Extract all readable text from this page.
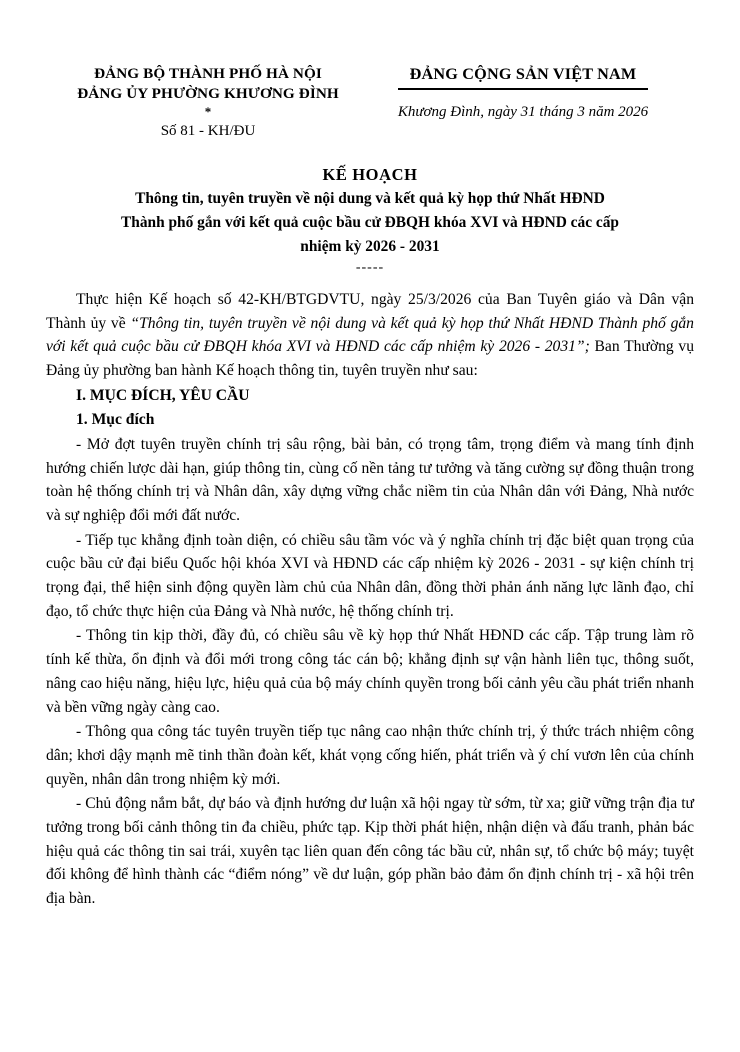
ĐẢNG BỘ THÀNH PHỐ HÀ NỘI
ĐẢNG ỦY PHƯỜNG KHƯƠNG ĐÌNH
*
Số 81 - KH/ĐU
ĐẢNG CỘNG SẢN VIỆT NAM
Khương Đình, ngày 31 tháng 3 năm 2026
KẾ HOẠCH
Thông tin, tuyên truyền về nội dung và kết quả kỳ họp thứ Nhất HĐND
Thành phố gắn với kết quả cuộc bầu cử ĐBQH khóa XVI và HĐND các cấp
nhiệm kỳ 2026 - 2031
-----

Thực hiện Kế hoạch số 42-KH/BTGDVTU, ngày 25/3/2026 của Ban Tuyên giáo và Dân vận Thành ủy về “Thông tin, tuyên truyền về nội dung và kết quả kỳ họp thứ Nhất HĐND Thành phố gắn với kết quả cuộc bầu cử ĐBQH khóa XVI và HĐND các cấp nhiệm kỳ 2026 - 2031”; Ban Thường vụ Đảng ủy phường ban hành Kế hoạch thông tin, tuyên truyền như sau:

I. MỤC ĐÍCH, YÊU CẦU

1. Mục đích

- Mở đợt tuyên truyền chính trị sâu rộng, bài bản, có trọng tâm, trọng điểm và mang tính định hướng chiến lược dài hạn, giúp thông tin, cùng cố nền tảng tư tưởng và tăng cường sự đồng thuận trong toàn hệ thống chính trị và Nhân dân, xây dựng vững chắc niềm tin của Nhân dân với Đảng, Nhà nước và sự nghiệp đổi mới đất nước.

- Tiếp tục khẳng định toàn diện, có chiều sâu tầm vóc và ý nghĩa chính trị đặc biệt quan trọng của cuộc bầu cử đại biểu Quốc hội khóa XVI và HĐND các cấp nhiệm kỳ 2026 - 2031 - sự kiện chính trị trọng đại, thể hiện sinh động quyền làm chủ của Nhân dân, đồng thời phản ánh năng lực lãnh đạo, chỉ đạo, tổ chức thực hiện của Đảng và Nhà nước, hệ thống chính trị.

- Thông tin kịp thời, đầy đủ, có chiều sâu về kỳ họp thứ Nhất HĐND các cấp. Tập trung làm rõ tính kế thừa, ổn định và đổi mới trong công tác cán bộ; khẳng định sự vận hành liên tục, thông suốt, nâng cao hiệu năng, hiệu lực, hiệu quả của bộ máy chính quyền trong bối cảnh yêu cầu phát triển nhanh và bền vững ngày càng cao.

- Thông qua công tác tuyên truyền tiếp tục nâng cao nhận thức chính trị, ý thức trách nhiệm công dân; khơi dậy mạnh mẽ tinh thần đoàn kết, khát vọng cống hiến, phát triển và ý chí vươn lên của chính quyền, nhân dân trong nhiệm kỳ mới.

- Chủ động nắm bắt, dự báo và định hướng dư luận xã hội ngay từ sớm, từ xa; giữ vững trận địa tư tưởng trong bối cảnh thông tin đa chiều, phức tạp. Kịp thời phát hiện, nhận diện và đấu tranh, phản bác hiệu quả các thông tin sai trái, xuyên tạc liên quan đến công tác bầu cử, nhân sự, tổ chức bộ máy; tuyệt đối không để hình thành các “điểm nóng” về dư luận, góp phần bảo đảm ổn định chính trị - xã hội trên địa bàn.
